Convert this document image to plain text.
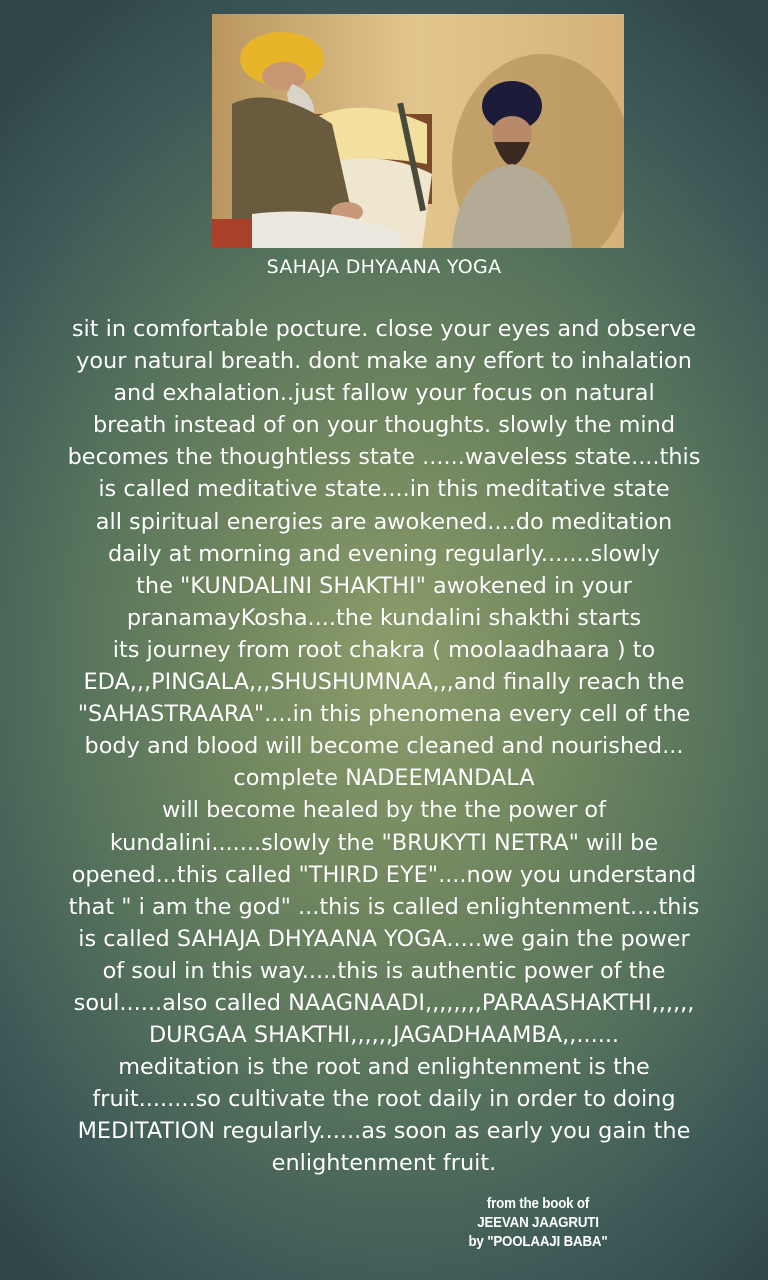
SAHAJA DHYAANA YOGA
sit in comfortable pocture. close your eyes and observe
your natural breath. dont make any effort to inhalation
and exhalation..just fallow your focus on natural
breath instead of on your thoughts. slowly the mind
becomes the thoughtless state ......waveless state....this
is called meditative state....in this meditative state
all spiritual energies are awokened....do meditation
daily at morning and evening regularly.......slowly
the "KUNDALINI SHAKTHI" awokened in your
pranamayKosha....the kundalini shakthi starts
its journey from root chakra ( moolaadhaara ) to
EDA,,,PINGALA,,,SHUSHUMNAA,,,and finally reach the
"SAHASTRAARA"....in this phenomena every cell of the
body and blood will become cleaned and nourished...
complete NADEEMANDALA
will become healed by the the power of
kundalini.......slowly the "BRUKYTI NETRA" will be
opened...this called "THIRD EYE"....now you understand
that " i am the god" ...this is called enlightenment....this
is called SAHAJA DHYAANA YOGA.....we gain the power
of soul in this way.....this is authentic power of the
soul......also called NAAGNAADI,,,,,,,,PARAASHAKTHI,,,,,,
DURGAA SHAKTHI,,,,,,JAGADHAAMBA,,......
meditation is the root and enlightenment is the
fruit........so cultivate the root daily in order to doing
MEDITATION regularly......as soon as early you gain the
enlightenment fruit.
from the book of
JEEVAN JAAGRUTI
by "POOLAAJI BABA"
